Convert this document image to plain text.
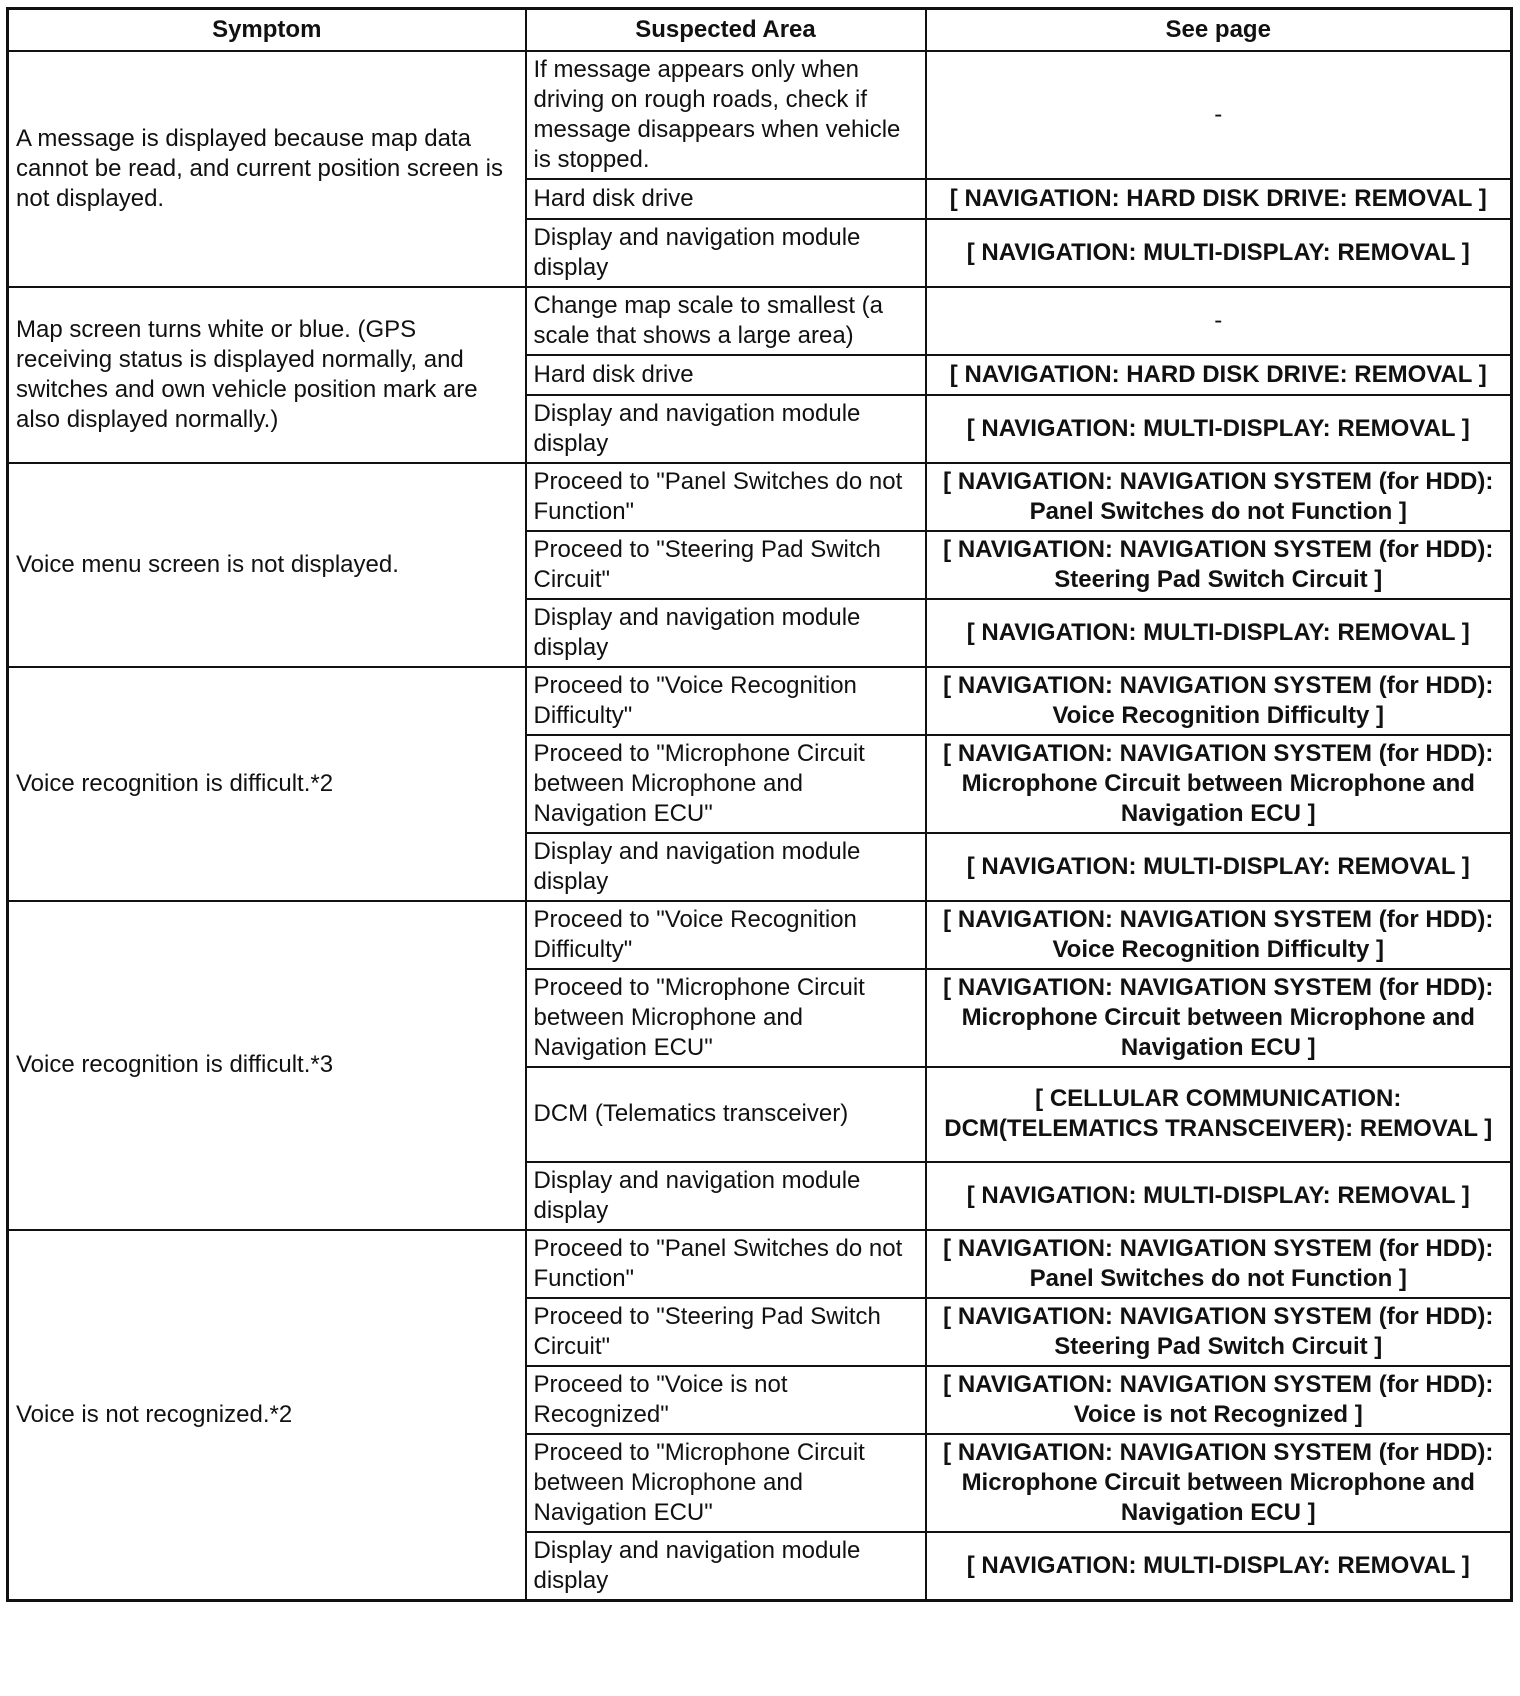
Symptom	Suspected Area	See page
A message is displayed because map data cannot be read, and current position screen is not displayed.	If message appears only when driving on rough roads, check if message disappears when vehicle is stopped.	-
	Hard disk drive	[ NAVIGATION: HARD DISK DRIVE: REMOVAL ]
	Display and navigation module display	[ NAVIGATION: MULTI-DISPLAY: REMOVAL ]
Map screen turns white or blue. (GPS receiving status is displayed normally, and switches and own vehicle position mark are also displayed normally.)	Change map scale to smallest (a scale that shows a large area)	-
	Hard disk drive	[ NAVIGATION: HARD DISK DRIVE: REMOVAL ]
	Display and navigation module display	[ NAVIGATION: MULTI-DISPLAY: REMOVAL ]
Voice menu screen is not displayed.	Proceed to "Panel Switches do not Function"	[ NAVIGATION: NAVIGATION SYSTEM (for HDD): Panel Switches do not Function ]
	Proceed to "Steering Pad Switch Circuit"	[ NAVIGATION: NAVIGATION SYSTEM (for HDD): Steering Pad Switch Circuit ]
	Display and navigation module display	[ NAVIGATION: MULTI-DISPLAY: REMOVAL ]
Voice recognition is difficult.*2	Proceed to "Voice Recognition Difficulty"	[ NAVIGATION: NAVIGATION SYSTEM (for HDD): Voice Recognition Difficulty ]
	Proceed to "Microphone Circuit between Microphone and Navigation ECU"	[ NAVIGATION: NAVIGATION SYSTEM (for HDD): Microphone Circuit between Microphone and Navigation ECU ]
	Display and navigation module display	[ NAVIGATION: MULTI-DISPLAY: REMOVAL ]
Voice recognition is difficult.*3	Proceed to "Voice Recognition Difficulty"	[ NAVIGATION: NAVIGATION SYSTEM (for HDD): Voice Recognition Difficulty ]
	Proceed to "Microphone Circuit between Microphone and Navigation ECU"	[ NAVIGATION: NAVIGATION SYSTEM (for HDD): Microphone Circuit between Microphone and Navigation ECU ]
	DCM (Telematics transceiver)	[ CELLULAR COMMUNICATION: DCM(TELEMATICS TRANSCEIVER): REMOVAL ]
	Display and navigation module display	[ NAVIGATION: MULTI-DISPLAY: REMOVAL ]
Voice is not recognized.*2	Proceed to "Panel Switches do not Function"	[ NAVIGATION: NAVIGATION SYSTEM (for HDD): Panel Switches do not Function ]
	Proceed to "Steering Pad Switch Circuit"	[ NAVIGATION: NAVIGATION SYSTEM (for HDD): Steering Pad Switch Circuit ]
	Proceed to "Voice is not Recognized"	[ NAVIGATION: NAVIGATION SYSTEM (for HDD): Voice is not Recognized ]
	Proceed to "Microphone Circuit between Microphone and Navigation ECU"	[ NAVIGATION: NAVIGATION SYSTEM (for HDD): Microphone Circuit between Microphone and Navigation ECU ]
	Display and navigation module display	[ NAVIGATION: MULTI-DISPLAY: REMOVAL ]
